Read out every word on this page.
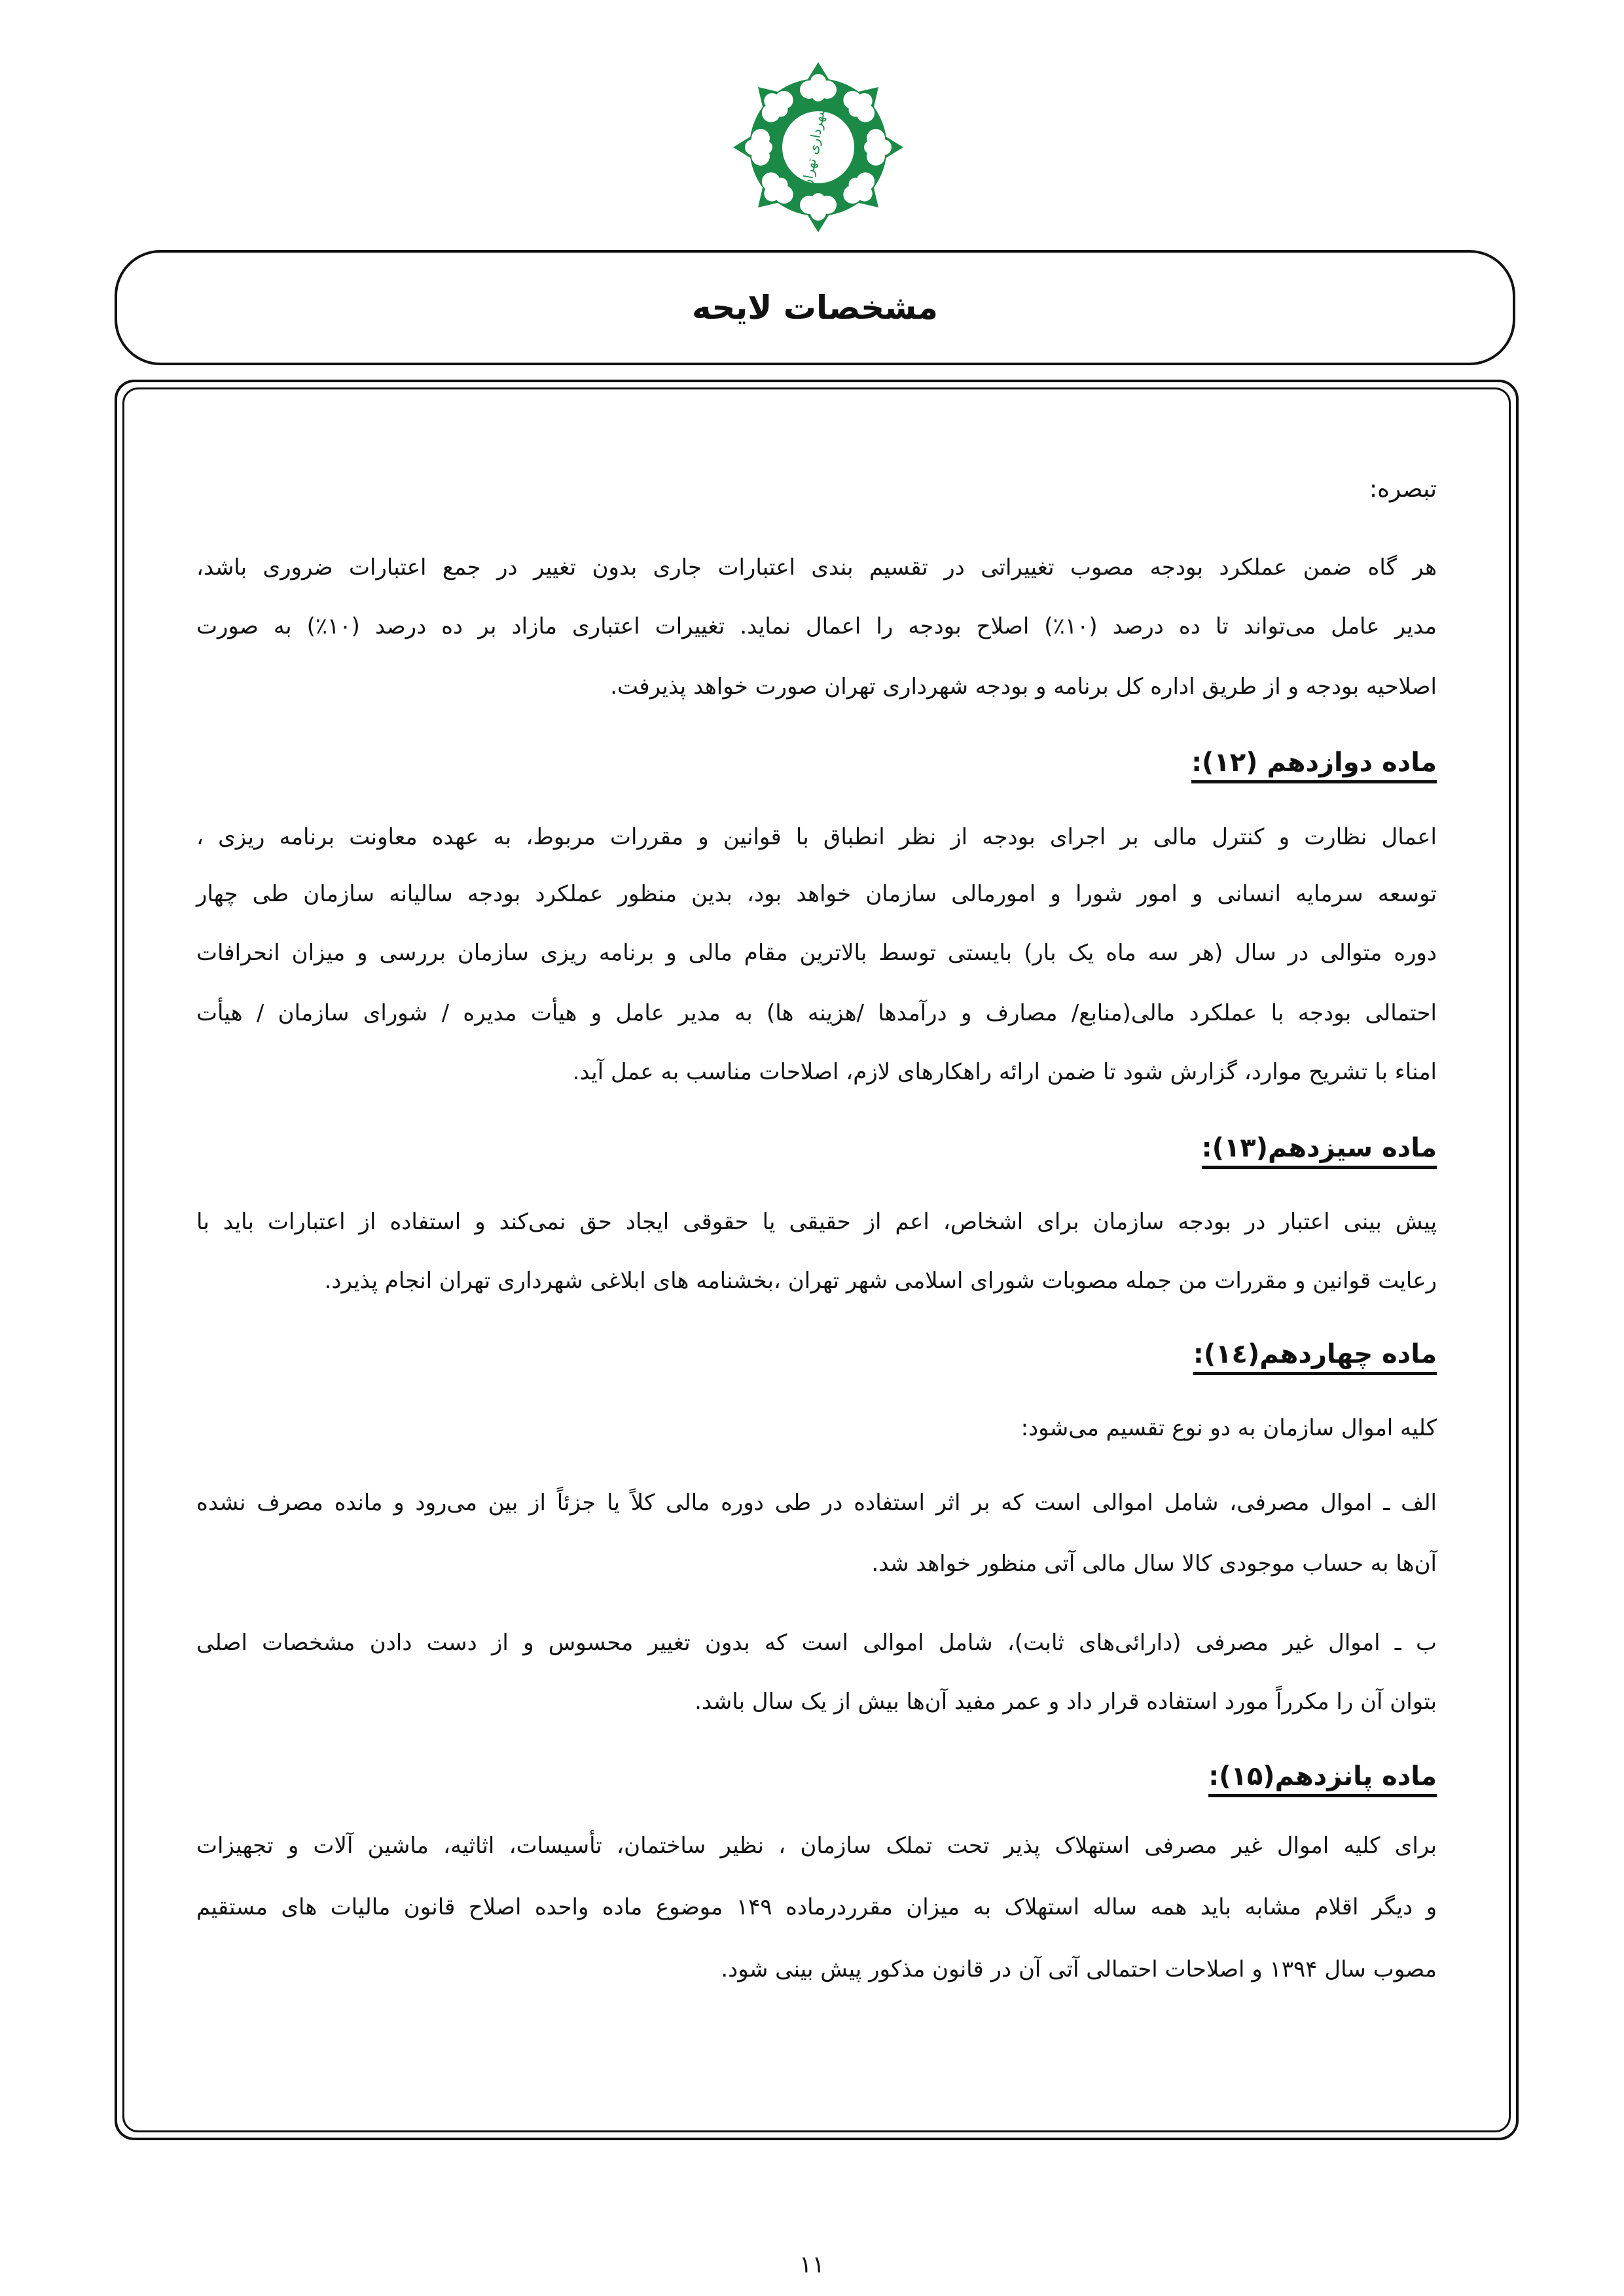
شهرداری تهران
مشخصات لایحه
تبصره:
هر گاه ضمن عملکرد بودجه مصوب تغییراتی در تقسیم بندی اعتبارات جاری بدون تغییر در جمع اعتبارات ضروری باشد،
مدیر عامل می‌تواند تا ده درصد (۱۰٪) اصلاح بودجه را اعمال نماید. تغییرات اعتباری مازاد بر ده درصد (۱۰٪) به صورت
اصلاحیه بودجه و از طریق اداره کل برنامه و بودجه شهرداری تهران صورت خواهد پذیرفت.
ماده دوازدهم (۱۲):
اعمال نظارت و کنترل مالی بر اجرای بودجه از نظر انطباق با قوانین و مقررات مربوط، به عهده معاونت برنامه ریزی ،
توسعه سرمایه انسانی و امور شورا و امورمالی سازمان خواهد بود، بدین منظور عملکرد بودجه سالیانه سازمان طی چهار
دوره متوالی در سال (هر سه ماه یک بار) بایستی توسط بالاترین مقام مالی و برنامه ریزی سازمان بررسی و میزان انحرافات
احتمالی بودجه با عملکرد مالی(منابع/ مصارف و درآمدها /هزینه ها) به مدیر عامل و هیأت مدیره / شورای سازمان / هیأت
امناء با تشریح موارد، گزارش شود تا ضمن ارائه راهکارهای لازم، اصلاحات مناسب به عمل آید.
ماده سیزدهم(۱۳):
پیش بینی اعتبار در بودجه سازمان برای اشخاص، اعم از حقیقی یا حقوقی ایجاد حق نمی‌کند و استفاده از اعتبارات باید با
رعایت قوانین و مقررات من جمله مصوبات شورای اسلامی شهر تهران ،بخشنامه های ابلاغی شهرداری تهران انجام پذیرد.
ماده چهاردهم(۱٤):
کلیه اموال سازمان به دو نوع تقسیم می‌شود:
الف ـ اموال مصرفی، شامل اموالی است که بر اثر استفاده در طی دوره مالی کلاً یا جزئاً از بین می‌رود و مانده مصرف نشده
آن‌ها به حساب موجودی کالا سال مالی آتی منظور خواهد شد.
ب ـ اموال غیر مصرفی (دارائی‌های ثابت)، شامل اموالی است که بدون تغییر محسوس و از دست دادن مشخصات اصلی
بتوان آن را مکرراً مورد استفاده قرار داد و عمر مفید آن‌ها بیش از یک سال باشد.
ماده پانزدهم(۱۵):
برای کلیه اموال غیر مصرفی استهلاک پذیر تحت تملک سازمان ، نظیر ساختمان، تأسیسات، اثاثیه، ماشین آلات و تجهیزات
و دیگر اقلام مشابه باید همه ساله استهلاک به میزان مقرردرماده ۱۴۹ موضوع ماده واحده اصلاح قانون مالیات های مستقیم
مصوب سال ۱۳۹۴ و اصلاحات احتمالی آتی آن در قانون مذکور پیش بینی شود.
۱۱
